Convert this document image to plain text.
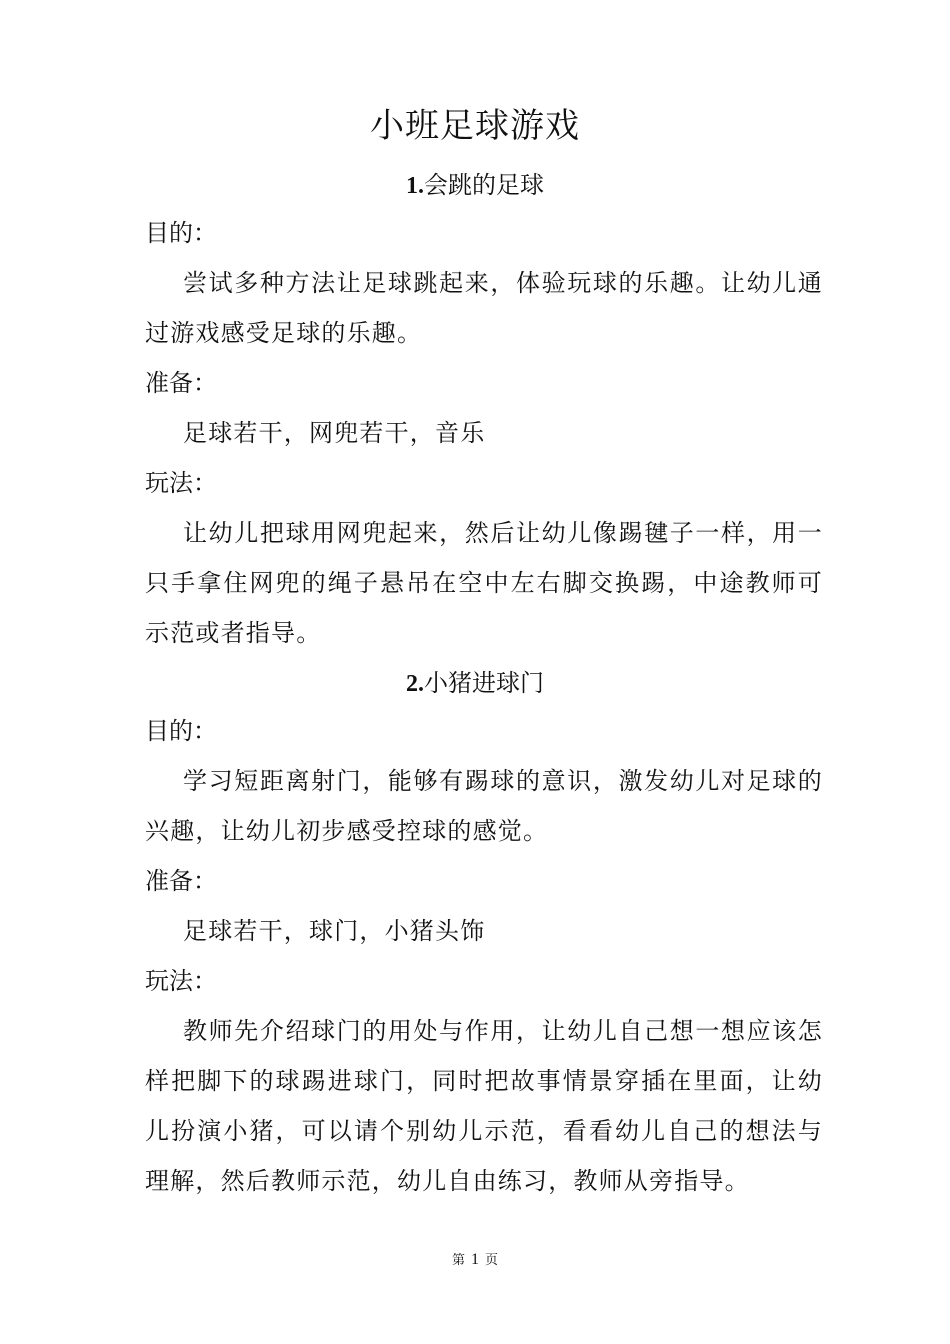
小班足球游戏
1.会跳的足球
目的：
尝试多种方法让足球跳起来，体验玩球的乐趣。让幼儿通过游戏感受足球的乐趣。
准备：
足球若干，网兜若干，音乐
玩法：
让幼儿把球用网兜起来，然后让幼儿像踢毽子一样，用一只手拿住网兜的绳子悬吊在空中左右脚交换踢，中途教师可示范或者指导。
2.小猪进球门
目的：
学习短距离射门，能够有踢球的意识，激发幼儿对足球的兴趣，让幼儿初步感受控球的感觉。
准备：
足球若干，球门，小猪头饰
玩法：
教师先介绍球门的用处与作用，让幼儿自己想一想应该怎样把脚下的球踢进球门，同时把故事情景穿插在里面，让幼儿扮演小猪，可以请个别幼儿示范，看看幼儿自己的想法与理解，然后教师示范，幼儿自由练习，教师从旁指导。
第 1 页
